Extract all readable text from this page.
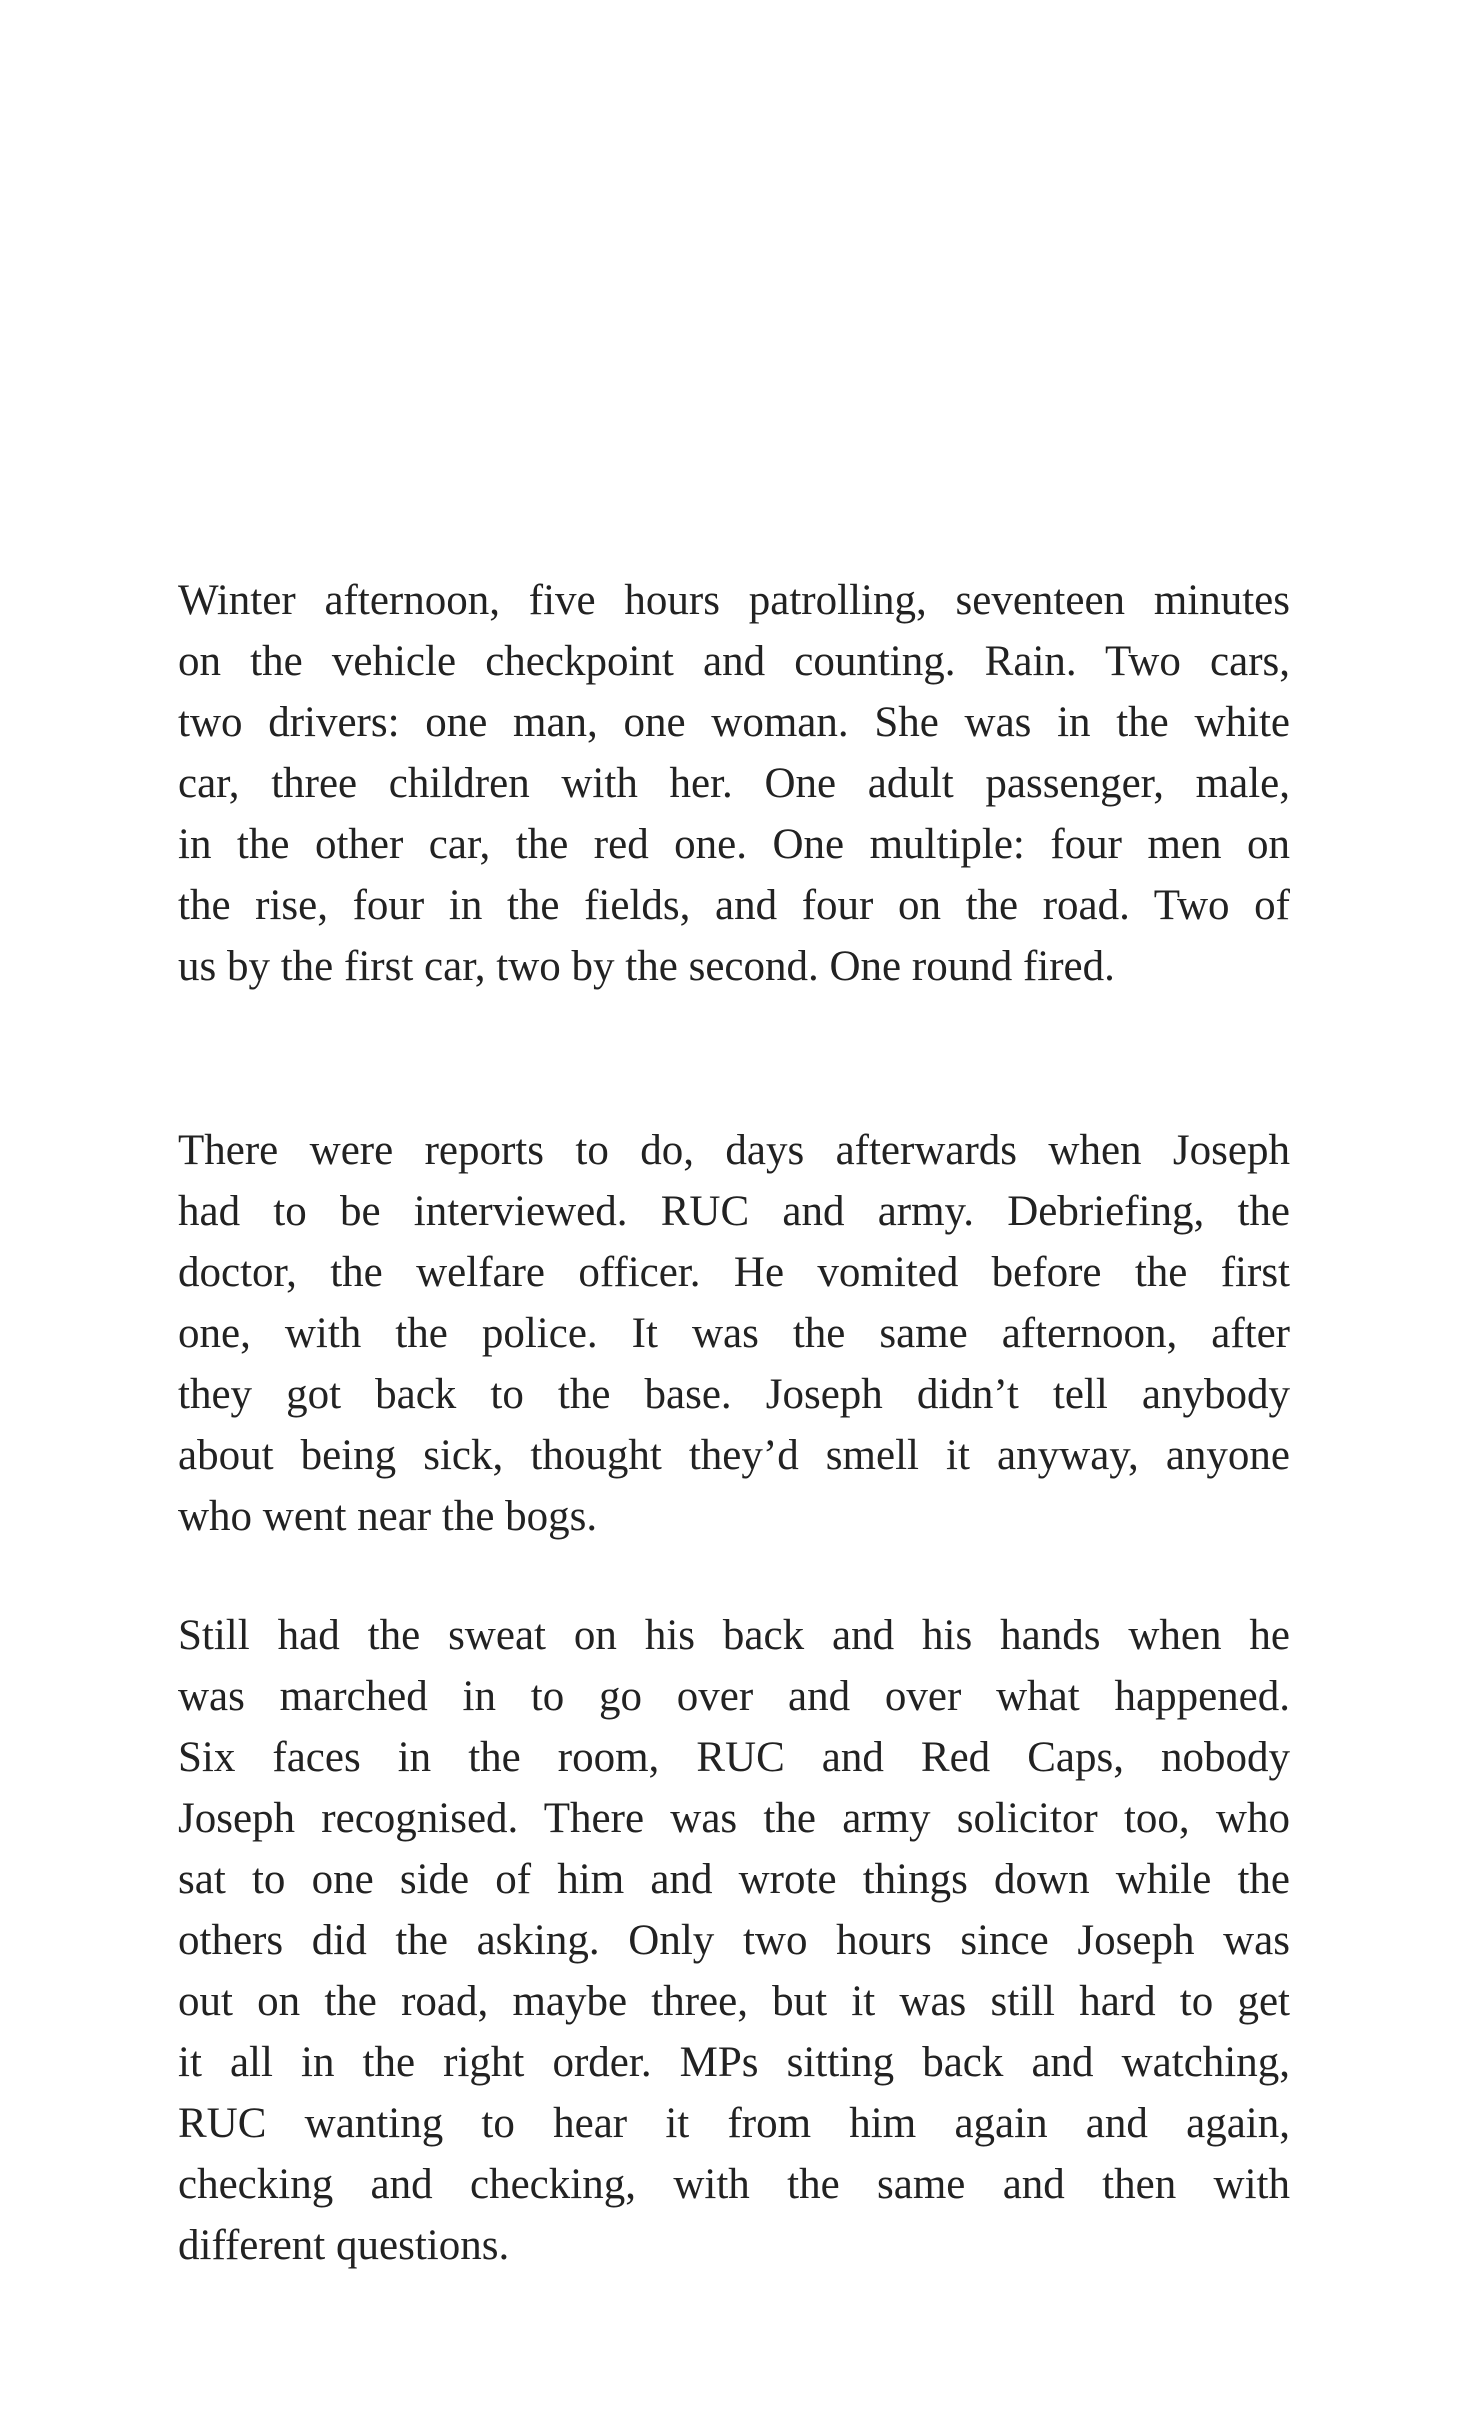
Winter afternoon, five hours patrolling, seventeen minutes
on the vehicle checkpoint and counting. Rain. Two cars,
two drivers: one man, one woman. She was in the white
car, three children with her. One adult passenger, male,
in the other car, the red one. One multiple: four men on
the rise, four in the fields, and four on the road. Two of
us by the first car, two by the second. One round fired.
There were reports to do, days afterwards when Joseph
had to be interviewed. RUC and army. Debriefing, the
doctor, the welfare officer. He vomited before the first
one, with the police. It was the same afternoon, after
they got back to the base. Joseph didn’t tell anybody
about being sick, thought they’d smell it anyway, anyone
who went near the bogs.
Still had the sweat on his back and his hands when he
was marched in to go over and over what happened.
Six faces in the room, RUC and Red Caps, nobody
Joseph recognised. There was the army solicitor too, who
sat to one side of him and wrote things down while the
others did the asking. Only two hours since Joseph was
out on the road, maybe three, but it was still hard to get
it all in the right order. MPs sitting back and watching,
RUC wanting to hear it from him again and again,
checking and checking, with the same and then with
different questions.
